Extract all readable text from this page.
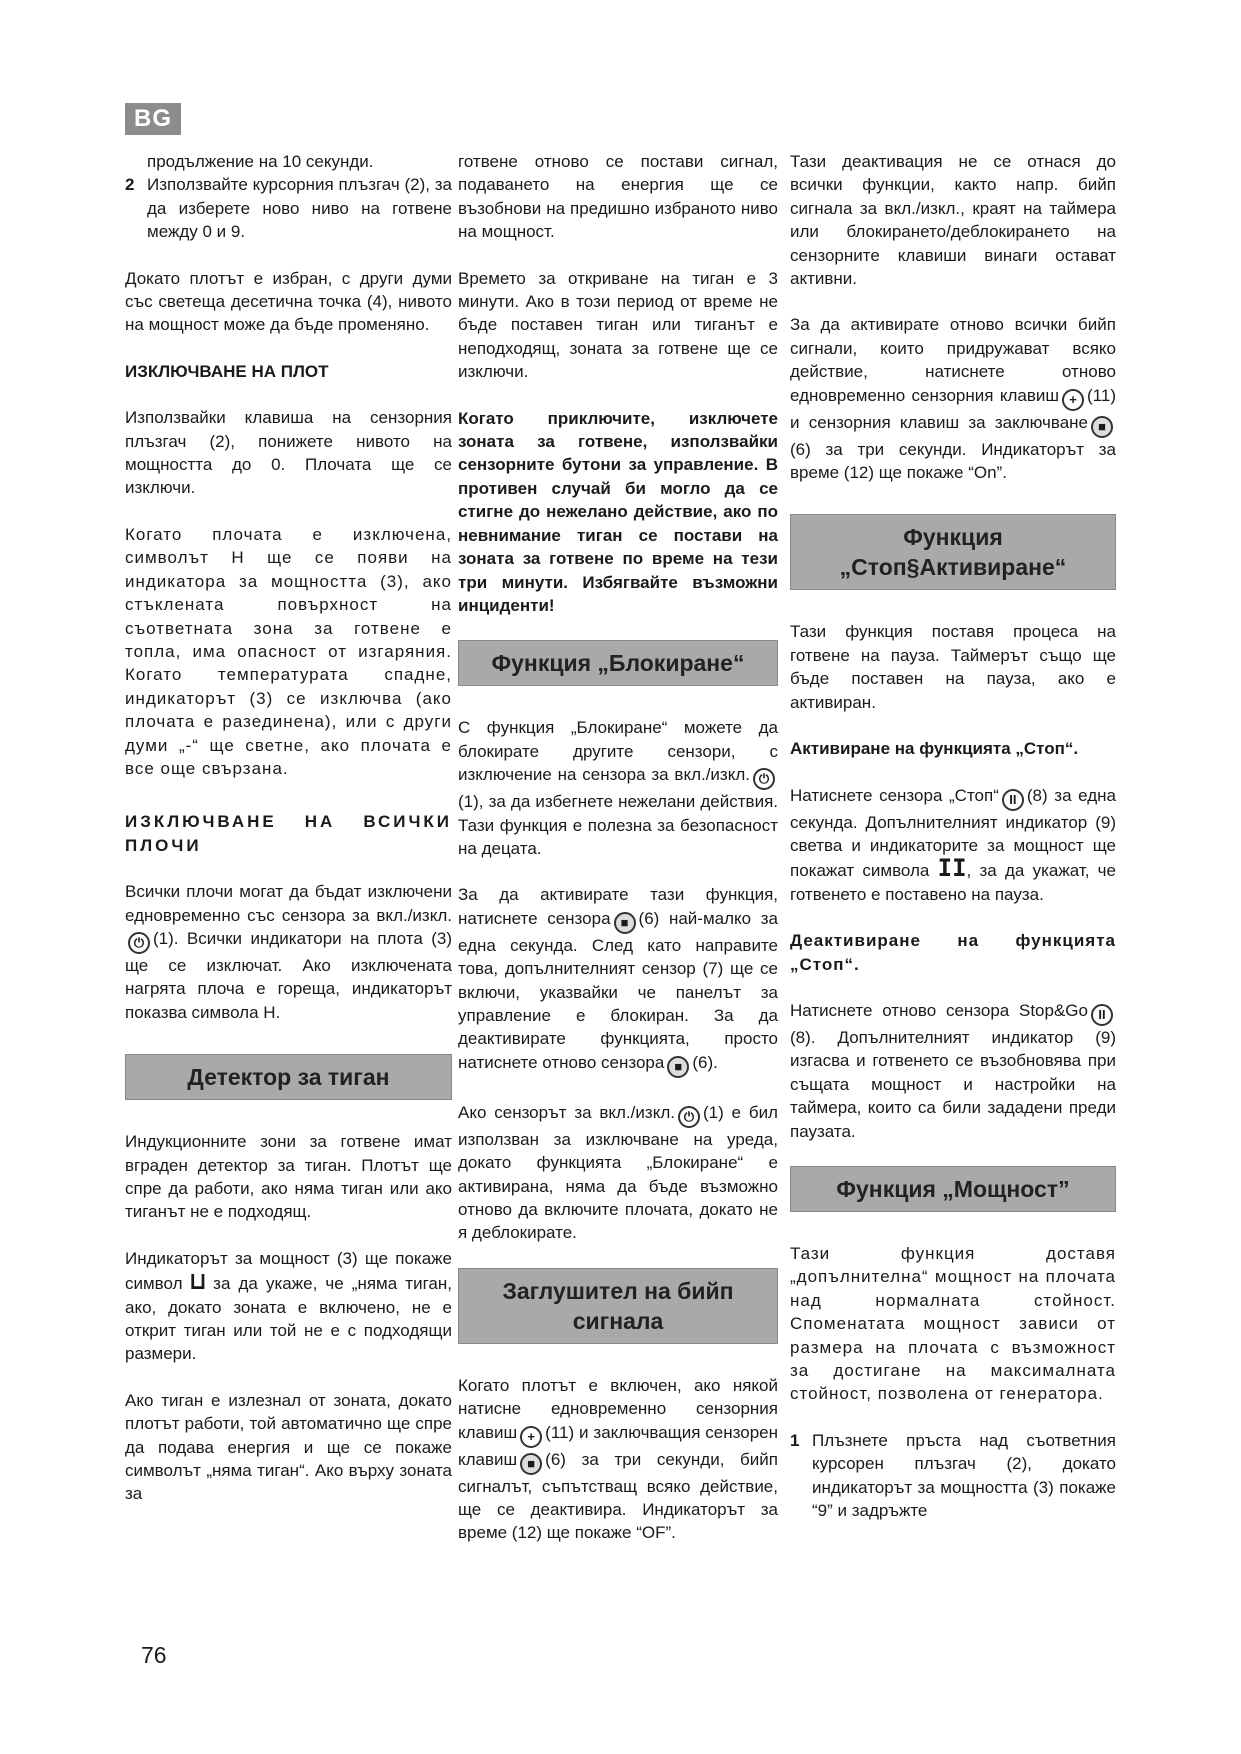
BG

продължение на 10 секунди.

2 Използвайте курсорния плъзгач (2), за да изберете ново ниво на готвене между 0 и 9.

Докато плотът е избран, с други думи със светеща десетична точка (4), нивото на мощност може да бъде променяно.

ИЗКЛЮЧВАНЕ НА ПЛОТ

Използвайки клавиша на сензорния плъзгач (2), понижете нивото на мощността до 0. Плочата ще се изключи.

Когато плочата е изключена, символът H ще се появи на индикатора за мощността (3), ако стъклената повърхност на съответната зона за готвене е топла, има опасност от изгаряния. Когато температурата спадне, индикаторът (3) се изключва (ако плочата е разединена), или с други думи „-“ ще светне, ако плочата е все още свързана.

ИЗКЛЮЧВАНЕ НА ВСИЧКИ ПЛОЧИ

Всички плочи могат да бъдат изключени едновременно със сензора за вкл./изкл.⏻ (1). Всички индикатори на плота (3) ще се изключат. Ако изключената нагрята плоча е гореща, индикаторът показва символа H.

Детектор за тиган

Индукционните зони за готвене имат вграден детектор за тиган. Плотът ще спре да работи, ако няма тиган или ако тиганът не е подходящ.

Индикаторът за мощност (3) ще покаже символ ⊔ за да укаже, че „няма тиган, ако, докато зоната е включено, не е открит тиган или той не е с подходящи размери.

Ако тиган е излезнал от зоната, докато плотът работи, той автоматично ще спре да подава енергия и ще се покаже символът „няма тиган“. Ако върху зоната за

готвене отново се постави сигнал, подаването на енергия ще се възобнови на предишно избраното ниво на мощност.

Времето за откриване на тиган е 3 минути. Ако в този период от време не бъде поставен тиган или тиганът е неподходящ, зоната за готвене ще се изключи.

Когато приключите, изключете зоната за готвене, използвайки сензорните бутони за управление. В противен случай би могло да се стигне до нежелано действие, ако по невнимание тиган се постави на зоната за готвене по време на тези три минути. Избягвайте възможни инциденти!

Функция „Блокиране“

С функция „Блокиране“ можете да блокирате другите сензори, с изключение на сензора за вкл./изкл. ⏻(1), за да избегнете нежелани действия. Тази функция е полезна за безопасност на децата.

За да активирате тази функция, натиснете сензора ■ (6) най-малко за една секунда. След като направите това, допълнителният сензор (7) ще се включи, указвайки че панелът за управление е блокиран. За да деактивирате функцията, просто натиснете отново сензора ■ (6).

Ако сензорът за вкл./изкл. ⏻ (1) е бил използван за изключване на уреда, докато функцията „Блокиране“ е активирана, няма да бъде възможно отново да включите плочата, докато не я деблокирате.

Заглушител на бийп сигнала

Когато плотът е включен, ако някой натисне едновременно сензорния клавиш + (11) и заключващия сензорен клавиш ■ (6) за три секунди, бийп сигналът, съпътстващ всяко действие, ще се деактивира. Индикаторът за време (12) ще покаже “OF”.

Тази деактивация не се отнася до всички функции, както напр. бийп сигнала за вкл./изкл., краят на таймера или блокирането/деблокирането на сензорните клавиши винаги остават активни.

За да активирате отново всички бийп сигнали, които придружават всяко действие, натиснете отново едновременно сензорния клавиш + (11) и сензорния клавиш за заключване ■(6) за три секунди. Индикаторът за време (12) ще покаже “On”.

Функция „Стоп§Активиране“

Тази функция поставя процеса на готвене на пауза. Таймерът също ще бъде поставен на пауза, ако е активиран.

Активиране на функцията „Стоп“.

Натиснете сензора „Стоп“ II (8) за една секунда. Допълнителният индикатор (9) светва и индикаторите за мощност ще покажат символа II, за да укажат, че готвенето е поставено на пауза.

Деактивиране на функцията „Стоп“.

Натиснете отново сензора Stop&Go II(8). Допълнителният индикатор (9) изгасва и готвенето се възобновява при същата мощност и настройки на таймера, които са били зададени преди паузата.

Функция „Мощност”

Тази функция доставя „допълнителна“ мощност на плочата над нормалната стойност. Споменатата мощност зависи от размера на плочата с възможност за достигане на максималната стойност, позволена от генератора.

1 Плъзнете пръста над съответния курсорен плъзгач (2), докато индикаторът за мощността (3) покаже “9” и задръжте
76
